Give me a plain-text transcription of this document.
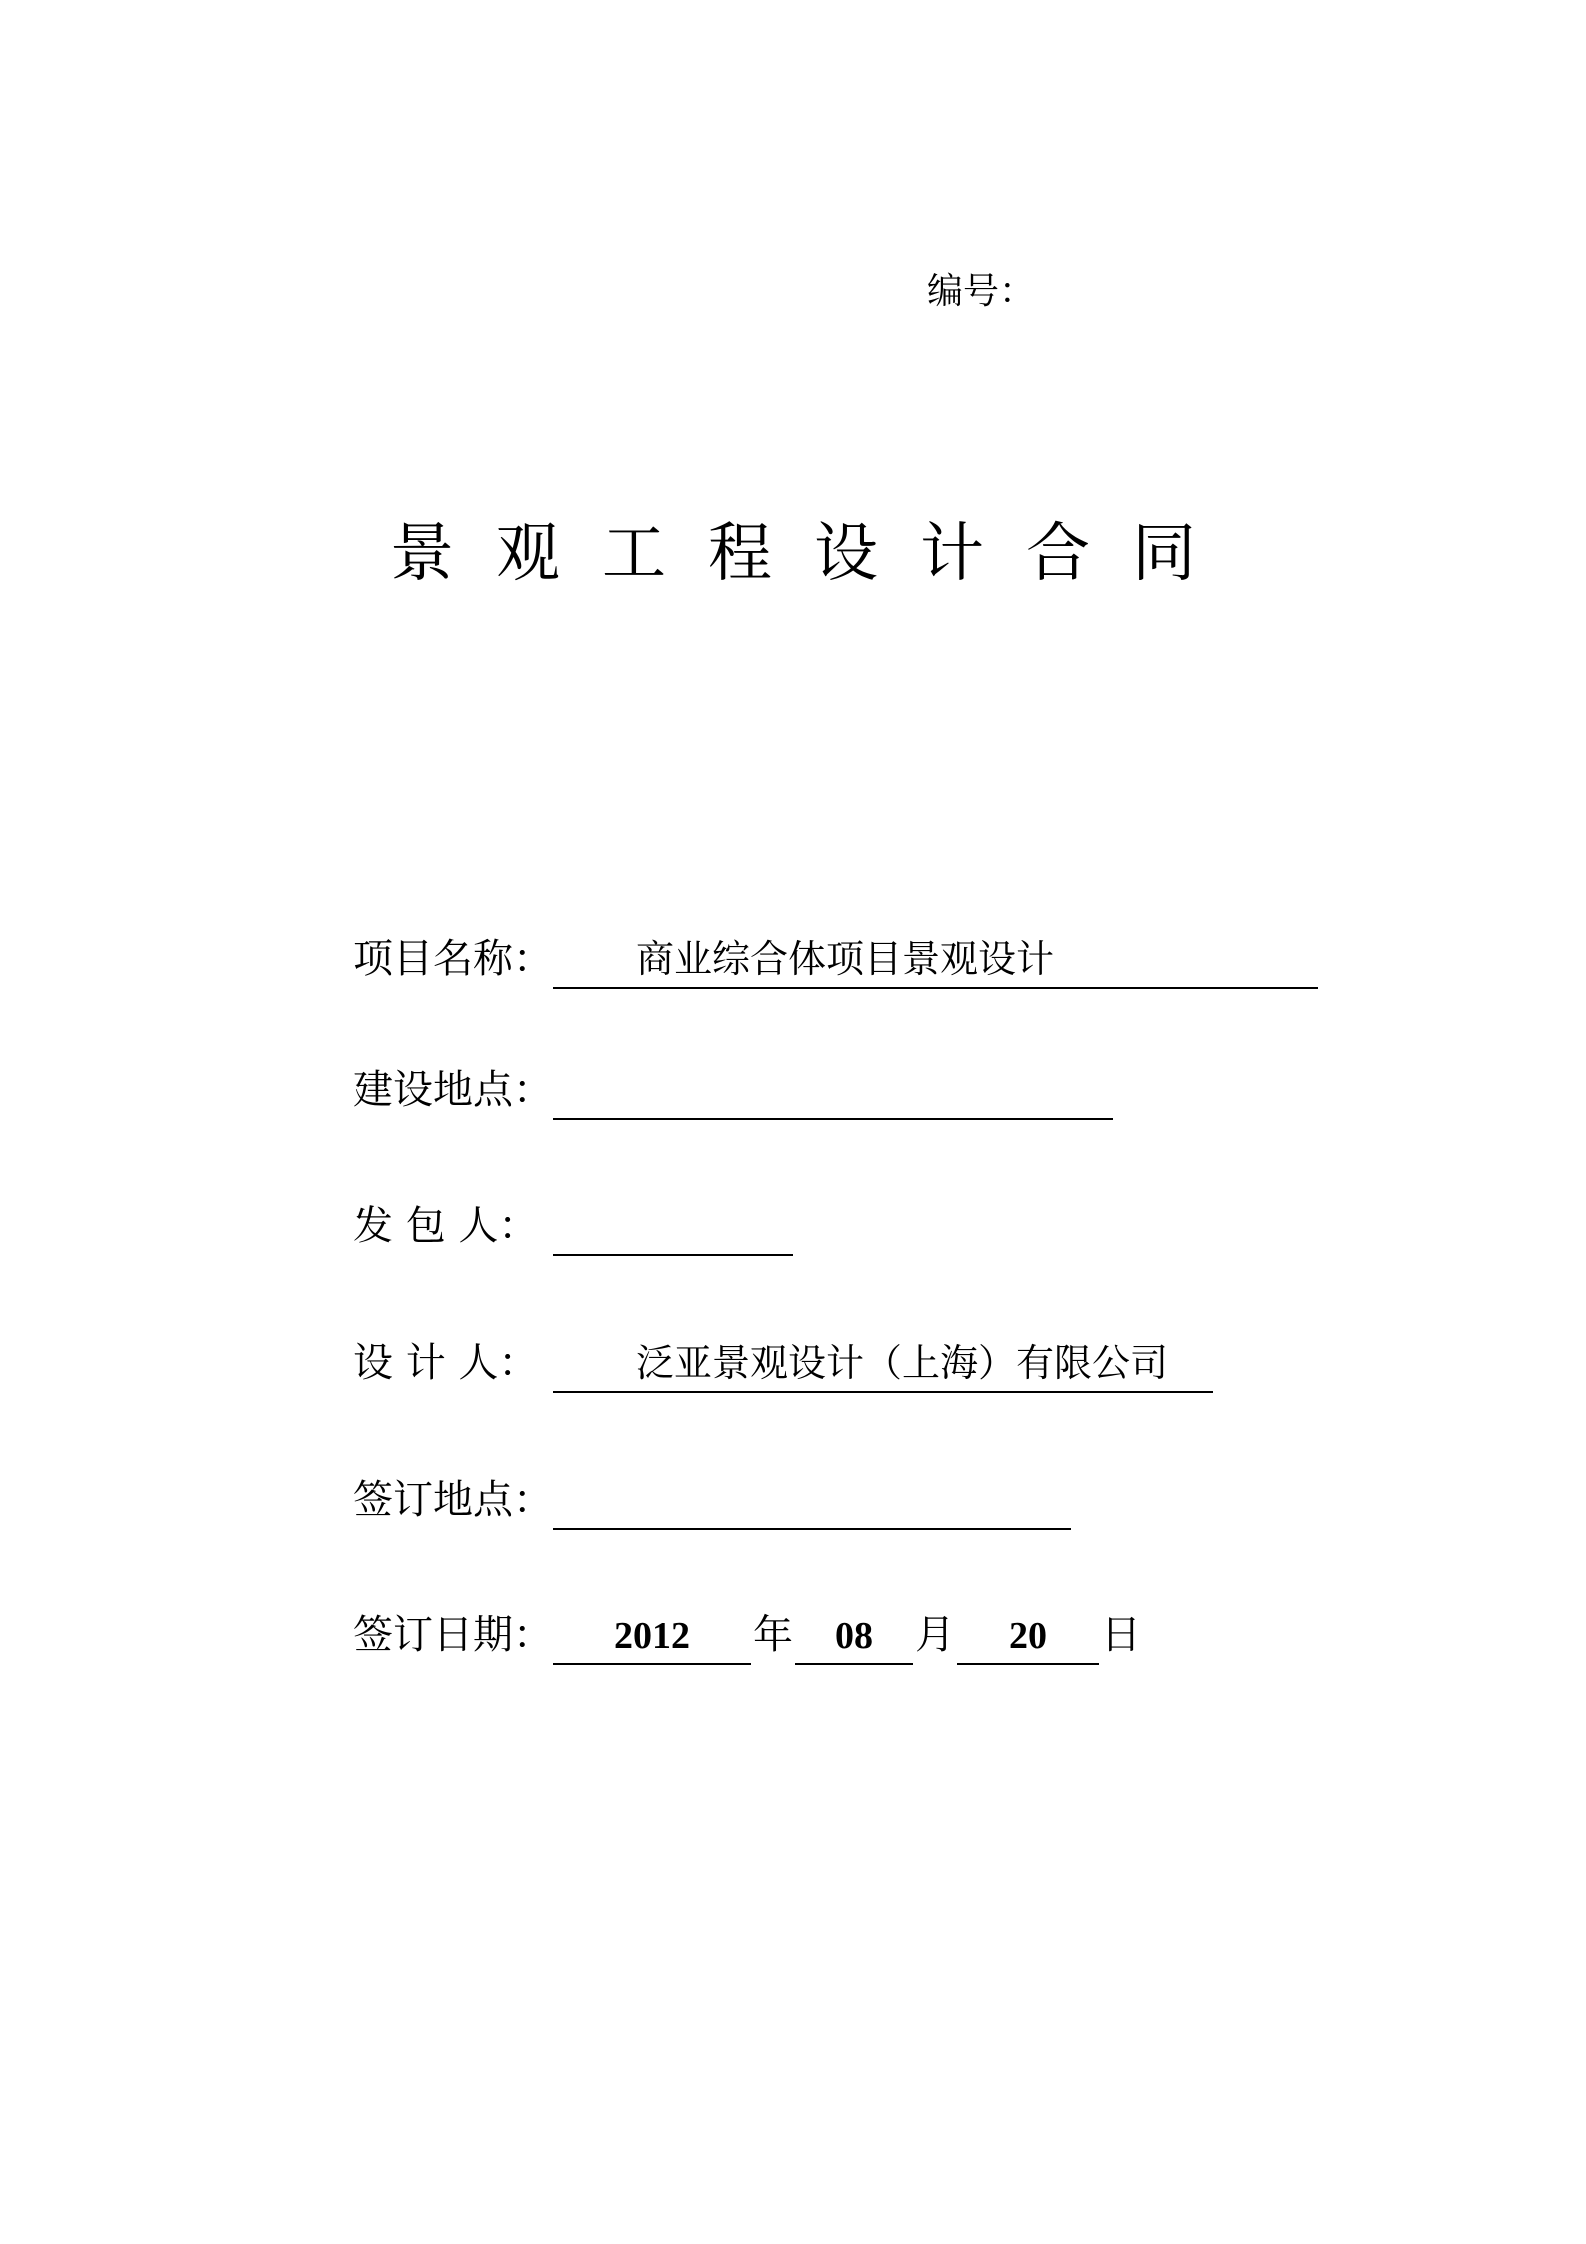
编号：
景观工程设计合同
项目名称： 商业综合体项目景观设计
建设地点：
发 包 人：
设 计 人：	泛亚景观设计（上海）有限公司
签订地点：
签订日期：	2012	年	08	月	20	日
